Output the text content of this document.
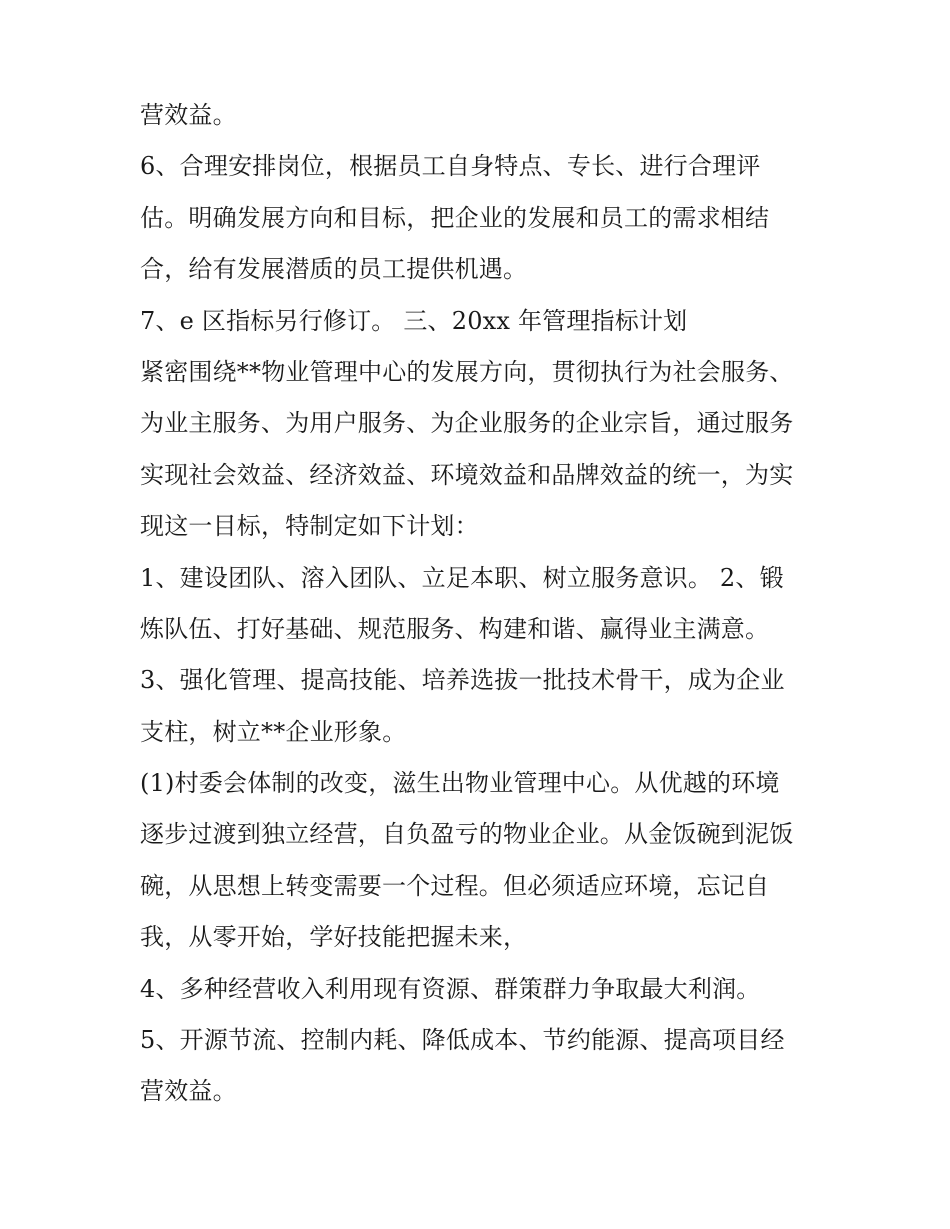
营效益。
6、合理安排岗位，根据员工自身特点、专长、进行合理评
估。明确发展方向和目标，把企业的发展和员工的需求相结
合，给有发展潜质的员工提供机遇。
7、e 区指标另行修订。 三、20xx 年管理指标计划
紧密围绕**物业管理中心的发展方向，贯彻执行为社会服务、
为业主服务、为用户服务、为企业服务的企业宗旨，通过服务
实现社会效益、经济效益、环境效益和品牌效益的统一，为实
现这一目标，特制定如下计划：
1、建设团队、溶入团队、立足本职、树立服务意识。 2、锻
炼队伍、打好基础、规范服务、构建和谐、赢得业主满意。
3、强化管理、提高技能、培养选拔一批技术骨干，成为企业
支柱，树立**企业形象。
(1)村委会体制的改变，滋生出物业管理中心。从优越的环境
逐步过渡到独立经营，自负盈亏的物业企业。从金饭碗到泥饭
碗，从思想上转变需要一个过程。但必须适应环境，忘记自
我，从零开始，学好技能把握未来，
4、多种经营收入利用现有资源、群策群力争取最大利润。
5、开源节流、控制内耗、降低成本、节约能源、提高项目经
营效益。
